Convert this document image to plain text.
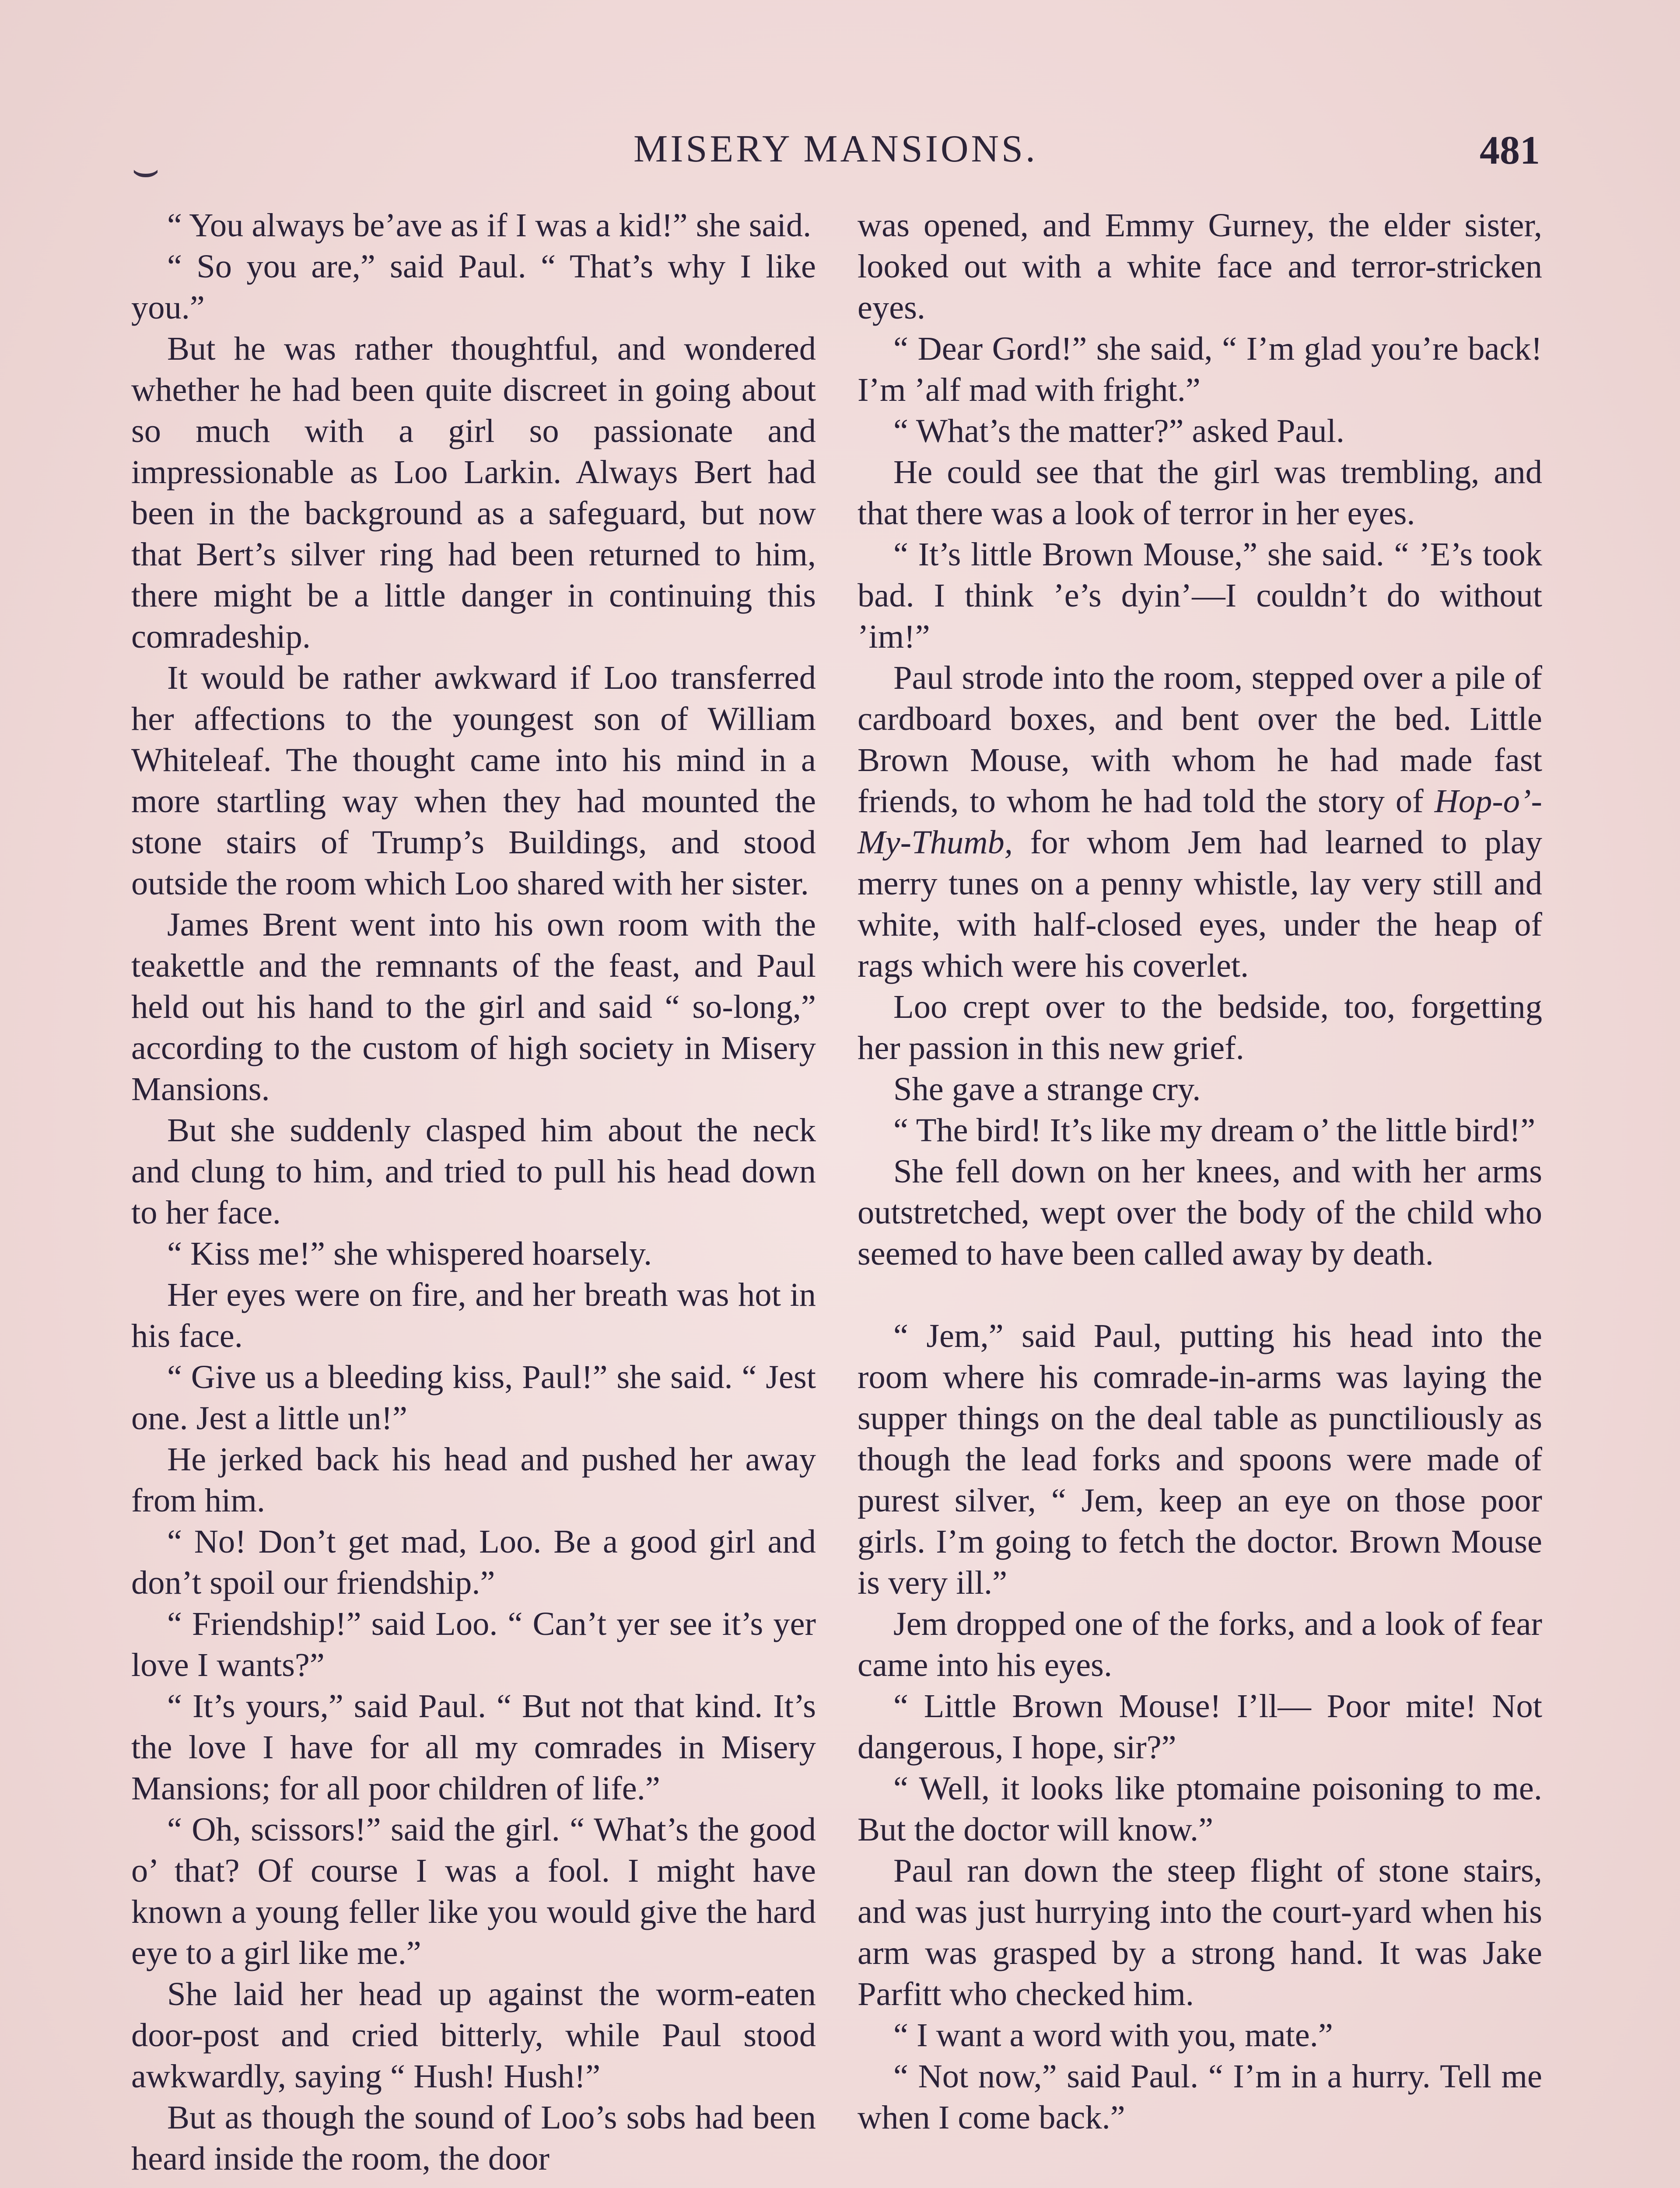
⌣	MISERY MANSIONS.	481

“ You always be’ave as if I was a kid!” she said.

“ So you are,” said Paul. “ That’s why I like you.”

But he was rather thoughtful, and wondered whether he had been quite discreet in going about so much with a girl so passionate and impressionable as Loo Larkin. Always Bert had been in the background as a safeguard, but now that Bert’s silver ring had been returned to him, there might be a little danger in continuing this comradeship.

It would be rather awkward if Loo transferred her affections to the youngest son of William Whiteleaf. The thought came into his mind in a more startling way when they had mounted the stone stairs of Trump’s Buildings, and stood outside the room which Loo shared with her sister.

James Brent went into his own room with the teakettle and the remnants of the feast, and Paul held out his hand to the girl and said “ so-long,” according to the custom of high society in Misery Mansions.

But she suddenly clasped him about the neck and clung to him, and tried to pull his head down to her face.

“ Kiss me!” she whispered hoarsely.

Her eyes were on fire, and her breath was hot in his face.

“ Give us a bleeding kiss, Paul!” she said. “ Jest one. Jest a little un!”

He jerked back his head and pushed her away from him.

“ No! Don’t get mad, Loo. Be a good girl and don’t spoil our friendship.”

“ Friendship!” said Loo. “ Can’t yer see it’s yer love I wants?”

“ It’s yours,” said Paul. “ But not that kind. It’s the love I have for all my comrades in Misery Mansions; for all poor children of life.”

“ Oh, scissors!” said the girl. “ What’s the good o’ that? Of course I was a fool. I might have known a young feller like you would give the hard eye to a girl like me.”

She laid her head up against the worm-eaten door-post and cried bitterly, while Paul stood awkwardly, saying “ Hush! Hush!”

But as though the sound of Loo’s sobs had been heard inside the room, the door

was opened, and Emmy Gurney, the elder sister, looked out with a white face and terror-stricken eyes.

“ Dear Gord!” she said, “ I’m glad you’re back! I’m ’alf mad with fright.”

“ What’s the matter?” asked Paul.

He could see that the girl was trembling, and that there was a look of terror in her eyes.

“ It’s little Brown Mouse,” she said. “ ’E’s took bad. I think ’e’s dyin’—I couldn’t do without ’im!”

Paul strode into the room, stepped over a pile of cardboard boxes, and bent over the bed. Little Brown Mouse, with whom he had made fast friends, to whom he had told the story of Hop-o’-My-Thumb, for whom Jem had learned to play merry tunes on a penny whistle, lay very still and white, with half-closed eyes, under the heap of rags which were his coverlet.

Loo crept over to the bedside, too, forgetting her passion in this new grief.

She gave a strange cry.

“ The bird! It’s like my dream o’ the little bird!”

She fell down on her knees, and with her arms outstretched, wept over the body of the child who seemed to have been called away by death.

“ Jem,” said Paul, putting his head into the room where his comrade-in-arms was laying the supper things on the deal table as punctiliously as though the lead forks and spoons were made of purest silver, “ Jem, keep an eye on those poor girls. I’m going to fetch the doctor. Brown Mouse is very ill.”

Jem dropped one of the forks, and a look of fear came into his eyes.

“ Little Brown Mouse! I’ll— Poor mite! Not dangerous, I hope, sir?”

“ Well, it looks like ptomaine poisoning to me. But the doctor will know.”

Paul ran down the steep flight of stone stairs, and was just hurrying into the court-yard when his arm was grasped by a strong hand. It was Jake Parfitt who checked him.

“ I want a word with you, mate.”

“ Not now,” said Paul. “ I’m in a hurry. Tell me when I come back.”
